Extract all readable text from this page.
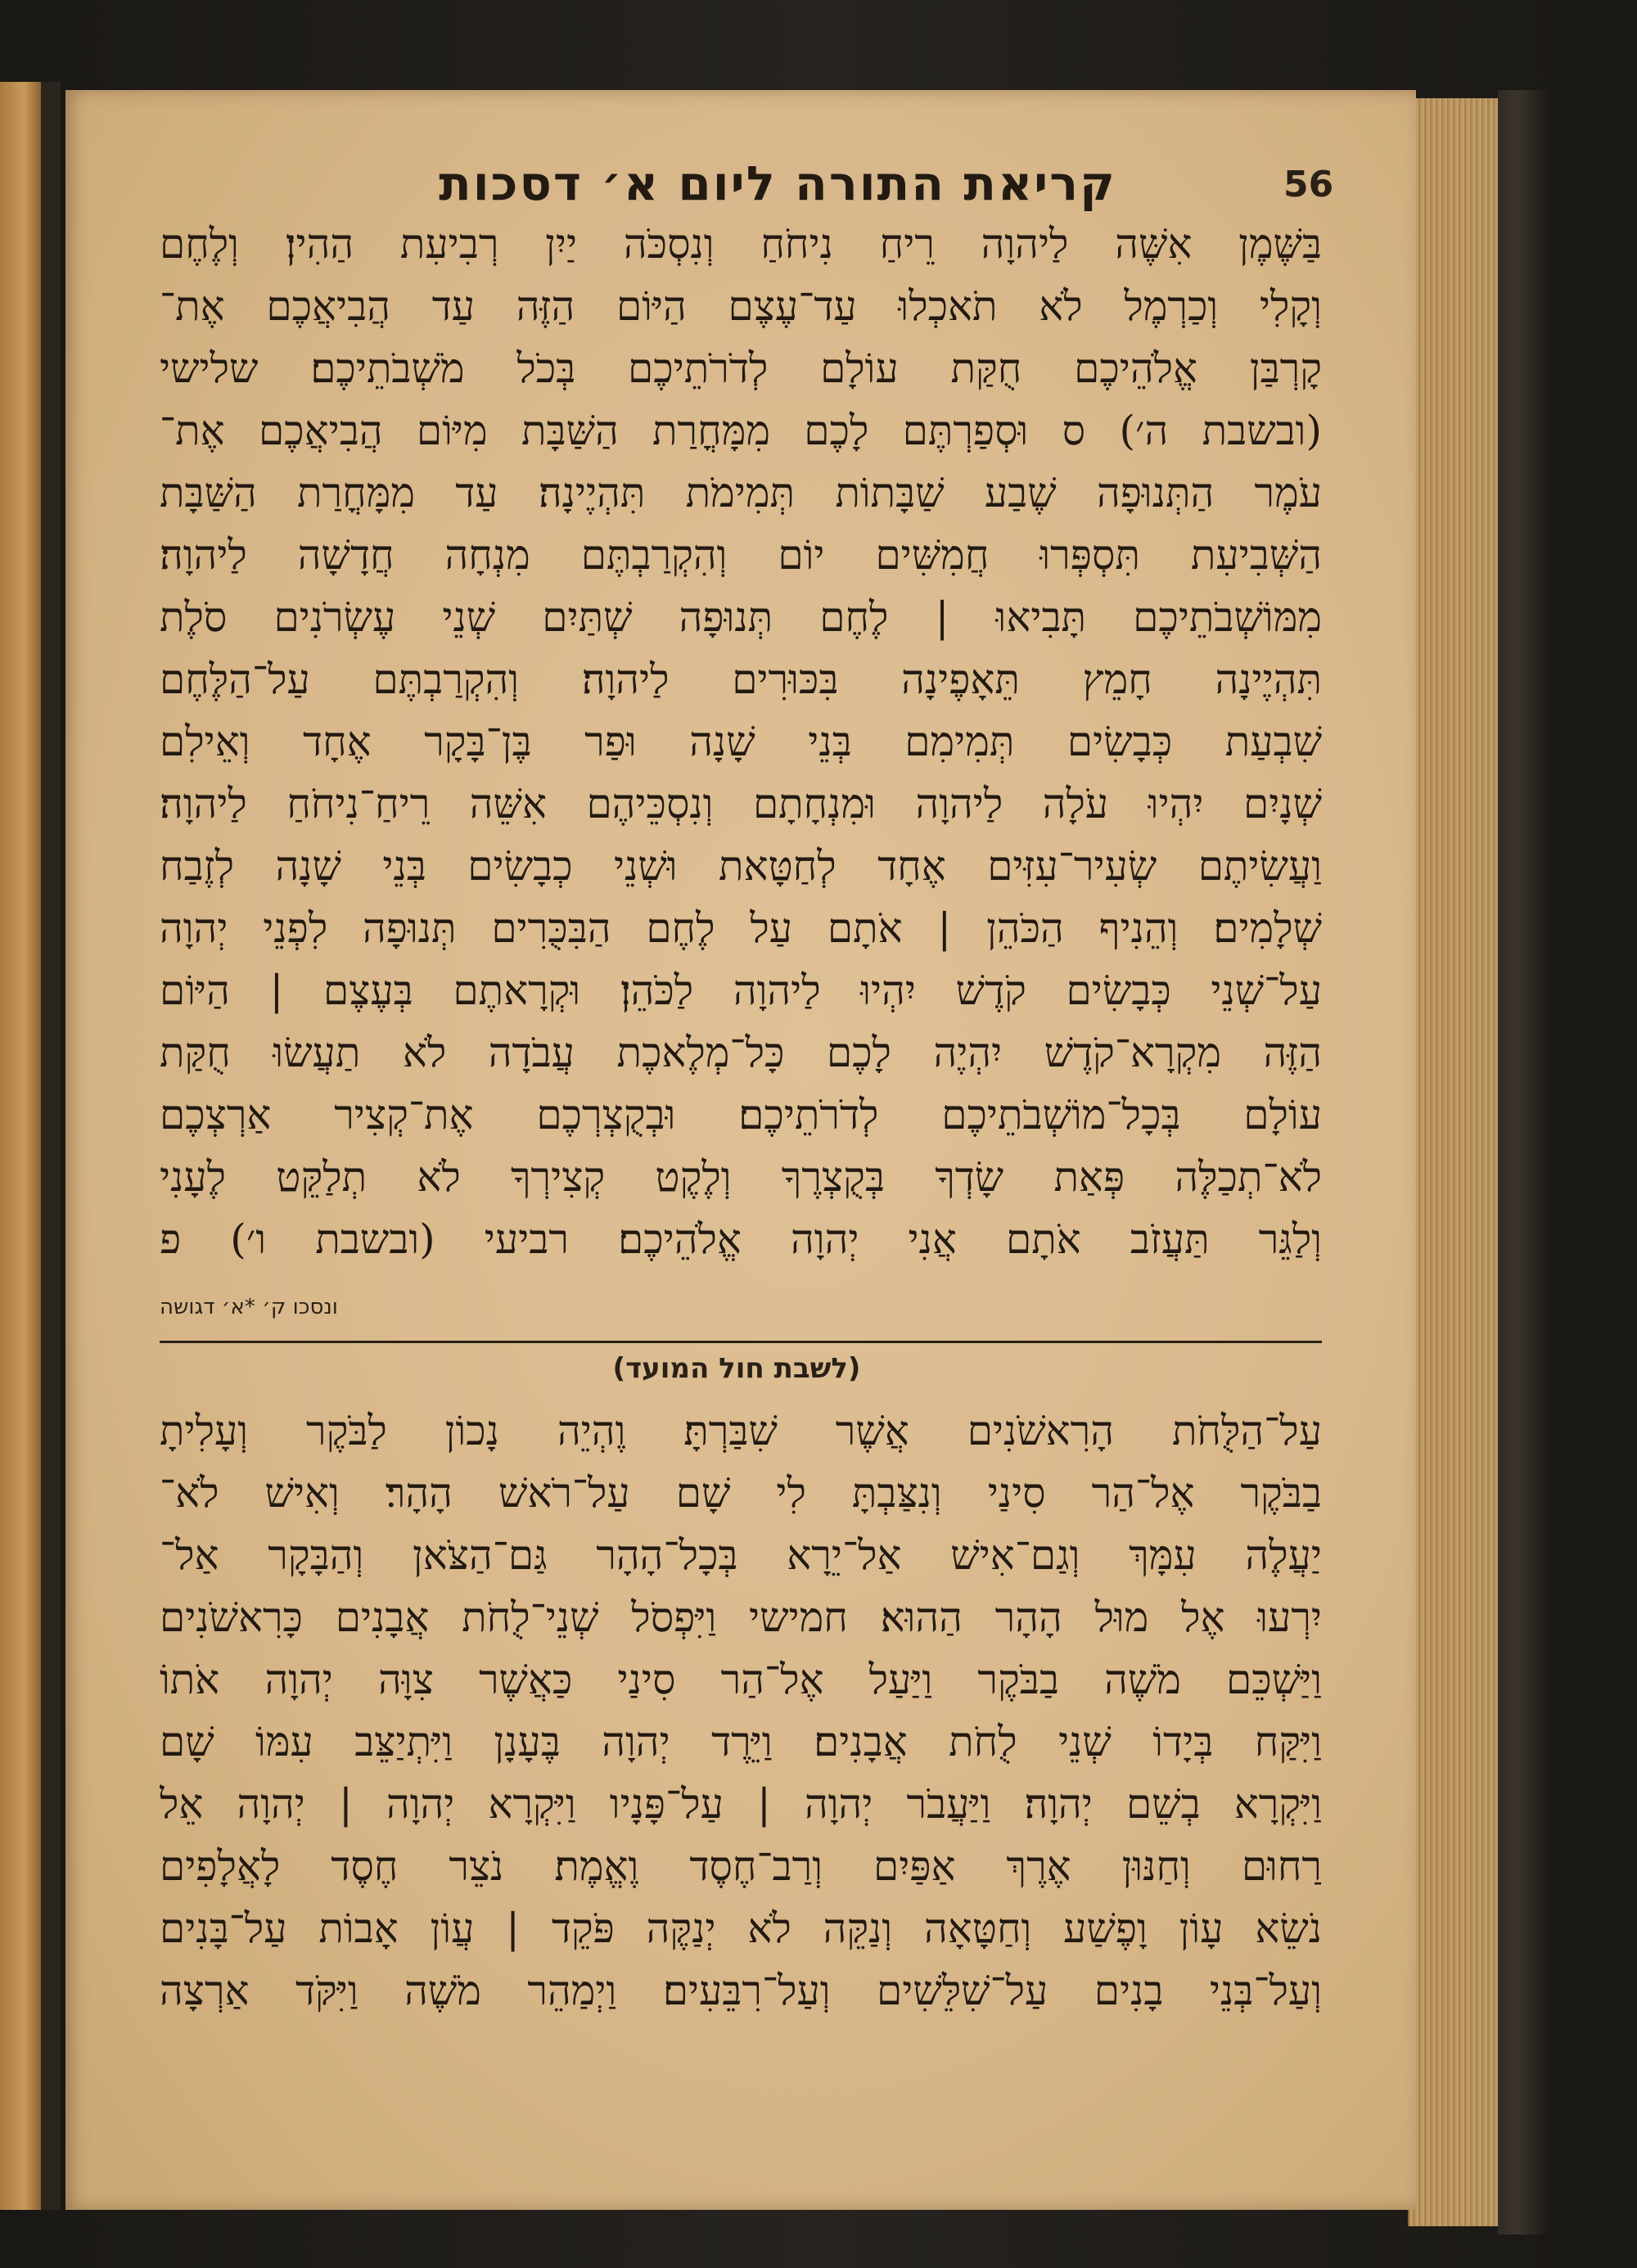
56
קריאת התורה ליום א׳ דסכות
בַּשֶּׁמֶן אִשֶּׁה לַיהוָה רֵיחַ נִיחֹחַ וְנִסְכֹּה יַיִן רְבִיעִת הַהִין׃ וְלֶחֶם
וְקָלִי וְכַרְמֶל לֹא תֹאכְלוּ עַד־עֶצֶם הַיּוֹם הַזֶּה עַד הֲבִיאֲכֶם אֶת־
קָרְבַּן אֱלֹהֵיכֶם חֻקַּת עוֹלָם לְדֹרֹתֵיכֶם בְּכֹל מֹשְׁבֹתֵיכֶם׃ שלישי
(ובשבת ה׳) ס וּסְפַרְתֶּם לָכֶם מִמָּחֳרַת הַשַּׁבָּת מִיּוֹם הֲבִיאֲכֶם אֶת־
עֹמֶר הַתְּנוּפָה שֶׁבַע שַׁבָּתוֹת תְּמִימֹת תִּהְיֶינָה׃ עַד מִמָּחֳרַת הַשַּׁבָּת
הַשְּׁבִיעִת תִּסְפְּרוּ חֲמִשִּׁים יוֹם וְהִקְרַבְתֶּם מִנְחָה חֲדָשָׁה לַיהוָה׃
מִמּוֹשְׁבֹתֵיכֶם תָּבִיאוּ | לֶחֶם תְּנוּפָה שְׁתַּיִם שְׁנֵי עֶשְׂרֹנִים סֹלֶת
תִּהְיֶינָה חָמֵץ תֵּאָפֶינָה בִּכּוּרִים לַיהוָה׃ וְהִקְרַבְתֶּם עַל־הַלֶּחֶם
שִׁבְעַת כְּבָשִׂים תְּמִימִם בְּנֵי שָׁנָה וּפַר בֶּן־בָּקָר אֶחָד וְאֵילִם
שְׁנָיִם יִהְיוּ עֹלָה לַיהוָה וּמִנְחָתָם וְנִסְכֵּיהֶם אִשֵּׁה רֵיחַ־נִיחֹחַ לַיהוָה׃
וַעֲשִׂיתֶם שְׂעִיר־עִזִּים אֶחָד לְחַטָּאת וּשְׁנֵי כְבָשִׂים בְּנֵי שָׁנָה לְזֶבַח
שְׁלָמִים׃ וְהֵנִיף הַכֹּהֵן | אֹתָם עַל לֶחֶם הַבִּכֻּרִים תְּנוּפָה לִפְנֵי יְהוָה
עַל־שְׁנֵי כְּבָשִׂים קֹדֶשׁ יִהְיוּ לַיהוָה לַכֹּהֵן׃ וּקְרָאתֶם בְּעֶצֶם | הַיּוֹם
הַזֶּה מִקְרָא־קֹדֶשׁ יִהְיֶה לָכֶם כָּל־מְלֶאכֶת עֲבֹדָה לֹא תַעֲשׂוּ חֻקַּת
עוֹלָם בְּכָל־מוֹשְׁבֹתֵיכֶם לְדֹרֹתֵיכֶם׃ וּבְקֻצְרְכֶם אֶת־קְצִיר אַרְצְכֶם
לֹא־תְכַלֶּה פְּאַת שָׂדְךָ בְּקֻצְרֶךָ וְלֶקֶט קְצִירְךָ לֹא תְלַקֵּט לֶעָנִי
וְלַגֵּר תַּעֲזֹב אֹתָם אֲנִי יְהוָה אֱלֹהֵיכֶם׃ רביעי (ובשבת ו׳) פ
ונסכו ק׳ *א׳ דגושה
(לשבת חול המועד)
עַל־הַלֻּחֹת הָרִאשֹׁנִים אֲשֶׁר שִׁבַּרְתָּ׃ וֶהְיֵה נָכוֹן לַבֹּקֶר וְעָלִיתָ
בַבֹּקֶר אֶל־הַר סִינַי וְנִצַּבְתָּ לִי שָׁם עַל־רֹאשׁ הָהָר׃ וְאִישׁ לֹא־
יַעֲלֶה עִמָּךְ וְגַם־אִישׁ אַל־יֵרָא בְּכָל־הָהָר גַּם־הַצֹּאן וְהַבָּקָר אַל־
יִרְעוּ אֶל מוּל הָהָר הַהוּא׃ חמישי וַיִּפְסֹל שְׁנֵי־לֻחֹת אֲבָנִים כָּרִאשֹׁנִים
וַיַּשְׁכֵּם מֹשֶׁה בַבֹּקֶר וַיַּעַל אֶל־הַר סִינַי כַּאֲשֶׁר צִוָּה יְהוָה אֹתוֹ
וַיִּקַּח בְּיָדוֹ שְׁנֵי לֻחֹת אֲבָנִים׃ וַיֵּרֶד יְהוָה בֶּעָנָן וַיִּתְיַצֵּב עִמּוֹ שָׁם
וַיִּקְרָא בְשֵׁם יְהוָה׃ וַיַּעֲבֹר יְהוָה | עַל־פָּנָיו וַיִּקְרָא יְהוָה | יְהוָה אֵל
רַחוּם וְחַנּוּן אֶרֶךְ אַפַּיִם וְרַב־חֶסֶד וֶאֱמֶת׃ נֹצֵר חֶסֶד לָאֲלָפִים
נֹשֵׂא עָוֹן וָפֶשַׁע וְחַטָּאָה וְנַקֵּה לֹא יְנַקֶּה פֹּקֵד | עֲוֹן אָבוֹת עַל־בָּנִים
וְעַל־בְּנֵי בָנִים עַל־שִׁלֵּשִׁים וְעַל־רִבֵּעִים׃ וַיְמַהֵר מֹשֶׁה וַיִּקֹּד אַרְצָה
